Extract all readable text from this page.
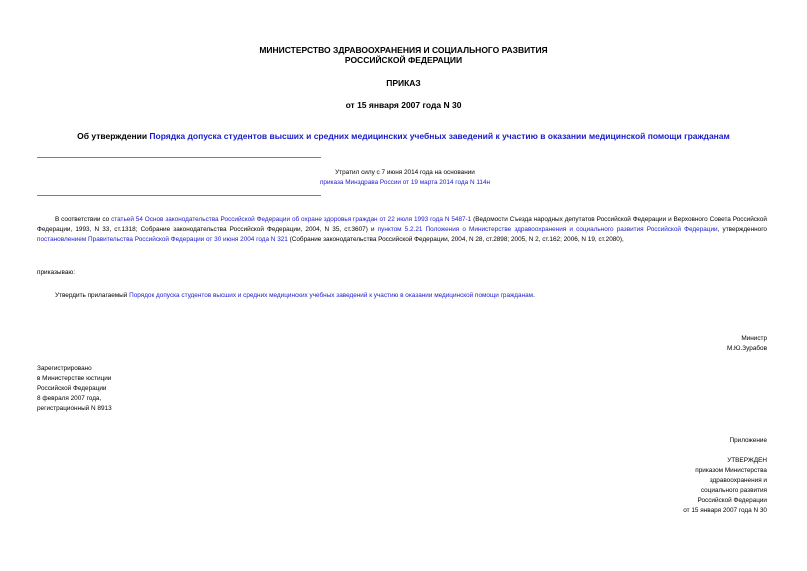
МИНИСТЕРСТВО ЗДРАВООХРАНЕНИЯ И СОЦИАЛЬНОГО РАЗВИТИЯ
РОССИЙСКОЙ ФЕДЕРАЦИИ
ПРИКАЗ
от 15 января 2007 года N 30
Об утверждении Порядка допуска студентов высших и средних медицинских учебных заведений к участию в оказании медицинской помощи гражданам
Утратил силу с 7 июня 2014 года на основании
приказа Минздрава России от 19 марта 2014 года N 114н
В соответствии со статьей 54 Основ законодательства Российской Федерации об охране здоровья граждан от 22 июля 1993 года N 5487-1 (Ведомости Съезда народных депутатов Российской Федерации и Верховного Совета Российской Федерации, 1993, N 33, ст.1318; Собрание законодательства Российской Федерации, 2004, N 35, ст.3607) и пунктом 5.2.21 Положения о Министерстве здравоохранения и социального развития Российской Федерации, утвержденного постановлением Правительства Российской Федерации от 30 июня 2004 года N 321 (Собрание законодательства Российской Федерации, 2004, N 28, ст.2898; 2005, N 2, ст.162; 2006, N 19, ст.2080),
приказываю:
Утвердить прилагаемый Порядок допуска студентов высших и средних медицинских учебных заведений к участию в оказании медицинской помощи гражданам.
Министр
М.Ю.Зурабов
Зарегистрировано
в Министерстве юстиции
Российской Федерации
8 февраля 2007 года,
регистрационный N 8913
Приложение
УТВЕРЖДЕН
приказом Министерства
здравоохранения и
социального развития
Российской Федерации
от 15 января 2007 года N 30
